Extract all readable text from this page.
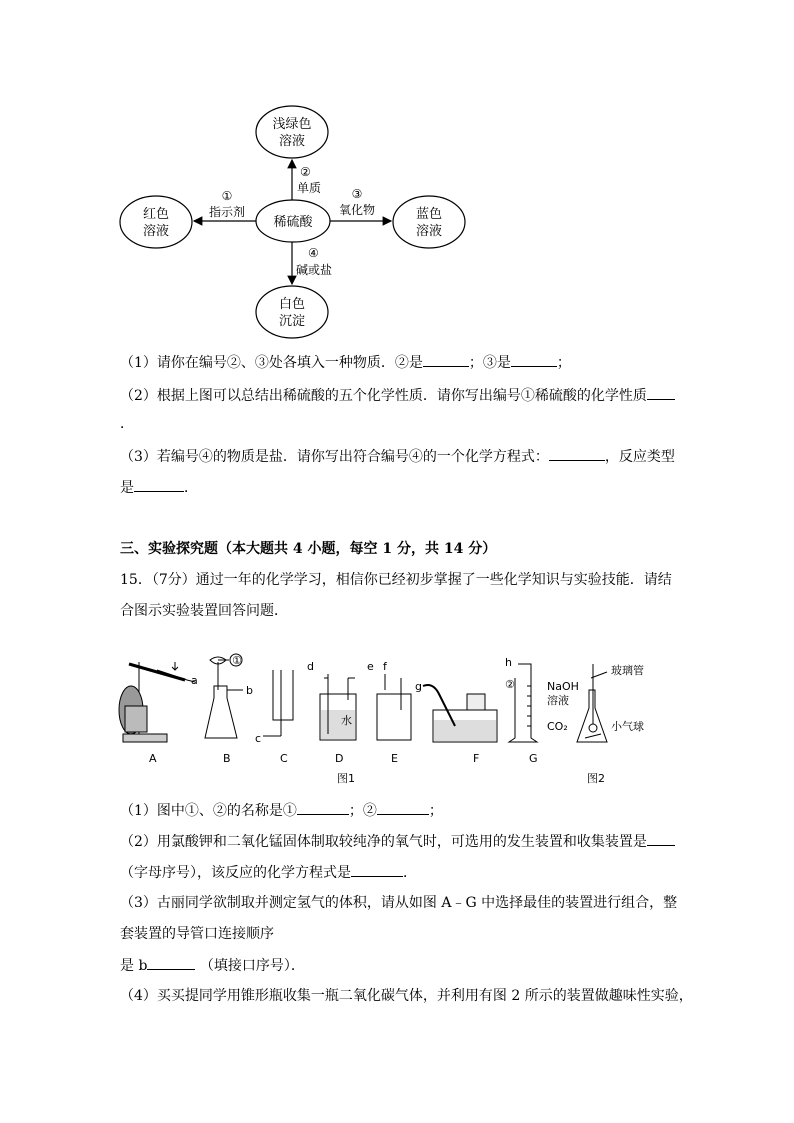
浅绿色
溶液
红色
溶液
稀硫酸
蓝色
溶液
白色
沉淀
①
指示剂
②
单质	③
氧化物
④
碱或盐
（1）请你在编号②、③处各填入一种物质．②是	；③是	；
（2）根据上图可以总结出稀硫酸的五个化学性质．请你写出编号①稀硫酸的化学性质
．
（3）若编号④的物质是盐．请你写出符合编号④的一个化学方程式：	，反应类型
是	．
三、实验探究题（本大题共 4 小题，每空 1 分，共 14 分）
15．（7分）通过一年的化学学习，相信你已经初步掌握了一些化学知识与实验技能．请结
合图示实验装置回答问题．
a
①
b
c
d
水
e f
g
h
②
玻璃管
NaOH
溶液
CO₂	小气球
A	B	C	D	E	F	G
图1	图2
（1）图中①、②的名称是①	；②	；
（2）用氯酸钾和二氧化锰固体制取较纯净的氧气时，可选用的发生装置和收集装置是
（字母序号），该反应的化学方程式是	．
（3）古丽同学欲制取并测定氢气的体积，请从如图 A﹣G 中选择最佳的装置进行组合，整
套装置的导管口连接顺序
是 b	（填接口序号）．
（4）买买提同学用锥形瓶收集一瓶二氧化碳气体，并利用有图 2 所示的装置做趣味性实验，
